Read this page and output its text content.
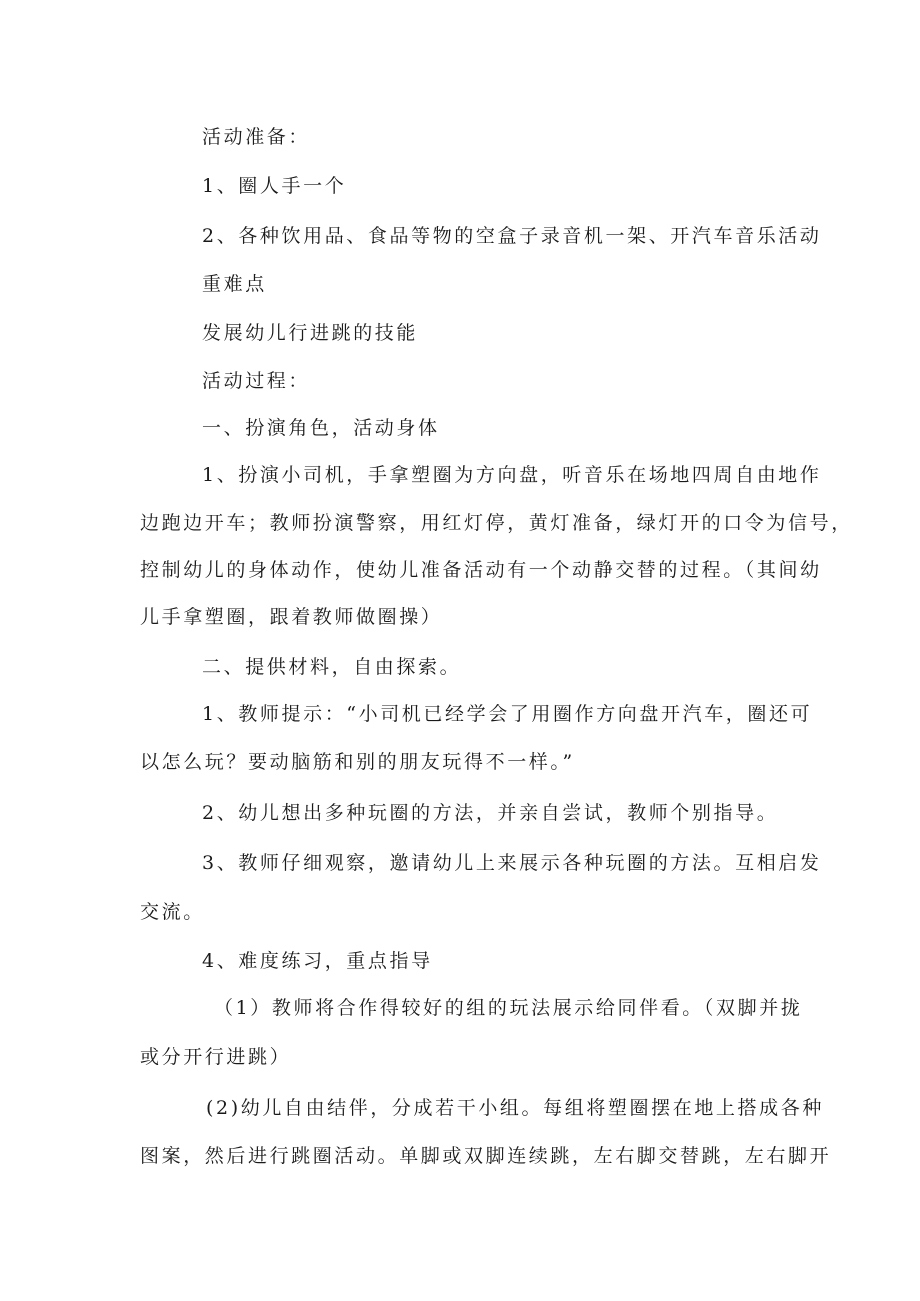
活动准备：
1、圈人手一个
2、各种饮用品、食品等物的空盒子录音机一架、开汽车音乐活动
重难点
发展幼儿行进跳的技能
活动过程：
一、扮演角色，活动身体
1、扮演小司机，手拿塑圈为方向盘，听音乐在场地四周自由地作
边跑边开车；教师扮演警察，用红灯停，黄灯准备，绿灯开的口令为信号，
控制幼儿的身体动作，使幼儿准备活动有一个动静交替的过程。（其间幼
儿手拿塑圈，跟着教师做圈操）
二、提供材料，自由探索。
1、教师提示：“小司机已经学会了用圈作方向盘开汽车，圈还可
以怎么玩？要动脑筋和别的朋友玩得不一样。”
2、幼儿想出多种玩圈的方法，并亲自尝试，教师个别指导。
3、教师仔细观察，邀请幼儿上来展示各种玩圈的方法。互相启发
交流。
4、难度练习，重点指导
（1）教师将合作得较好的组的玩法展示给同伴看。（双脚并拢
或分开行进跳）
(2)幼儿自由结伴，分成若干小组。每组将塑圈摆在地上搭成各种
图案，然后进行跳圈活动。单脚或双脚连续跳，左右脚交替跳，左右脚开
